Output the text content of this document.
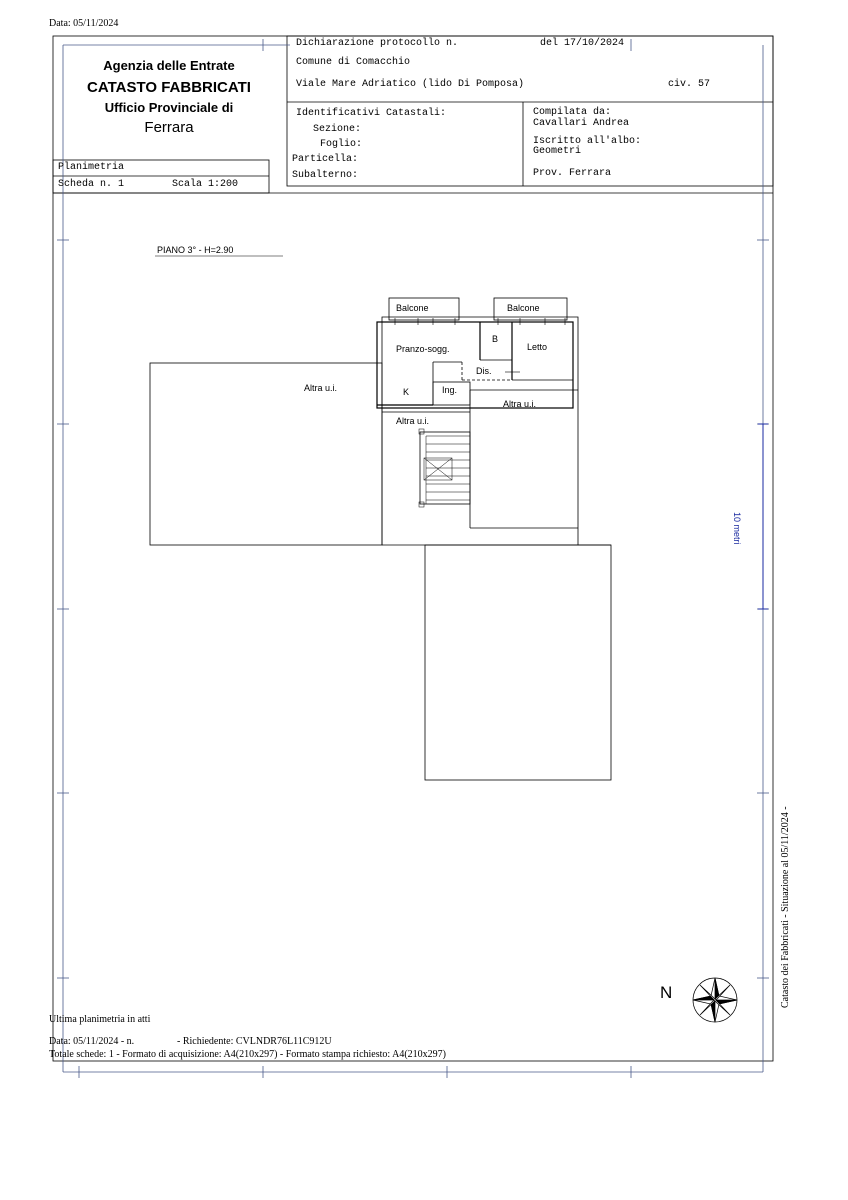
Data: 05/11/2024
Agenzia delle Entrate
CATASTO FABBRICATI
Ufficio Provinciale di
Ferrara
Planimetria
Scheda n. 1	Scala 1:200
Dichiarazione protocollo n.	del 17/10/2024
Comune di Comacchio
Viale Mare Adriatico (lido Di Pomposa)	civ. 57
Identificativi Catastali:
Sezione:
Foglio:
Particella:
Subalterno:
Compilata da:
Cavallari Andrea
Iscritto all'albo:
Geometri
Prov. Ferrara
PIANO 3° - H=2.90
Balcone	Balcone
Pranzo-sogg.
B
Letto
Dis.
K	Ing.
Altra u.i.
Altra u.i.
Altra u.i.
10 metri
N	Catasto dei Fabbricati - Situazione al 05/11/2024 -
Ultima planimetria in atti
Data: 05/11/2024 - n.	- Richiedente: CVLNDR76L11C912U
Totale schede: 1 - Formato di acquisizione: A4(210x297) - Formato stampa richiesto: A4(210x297)
